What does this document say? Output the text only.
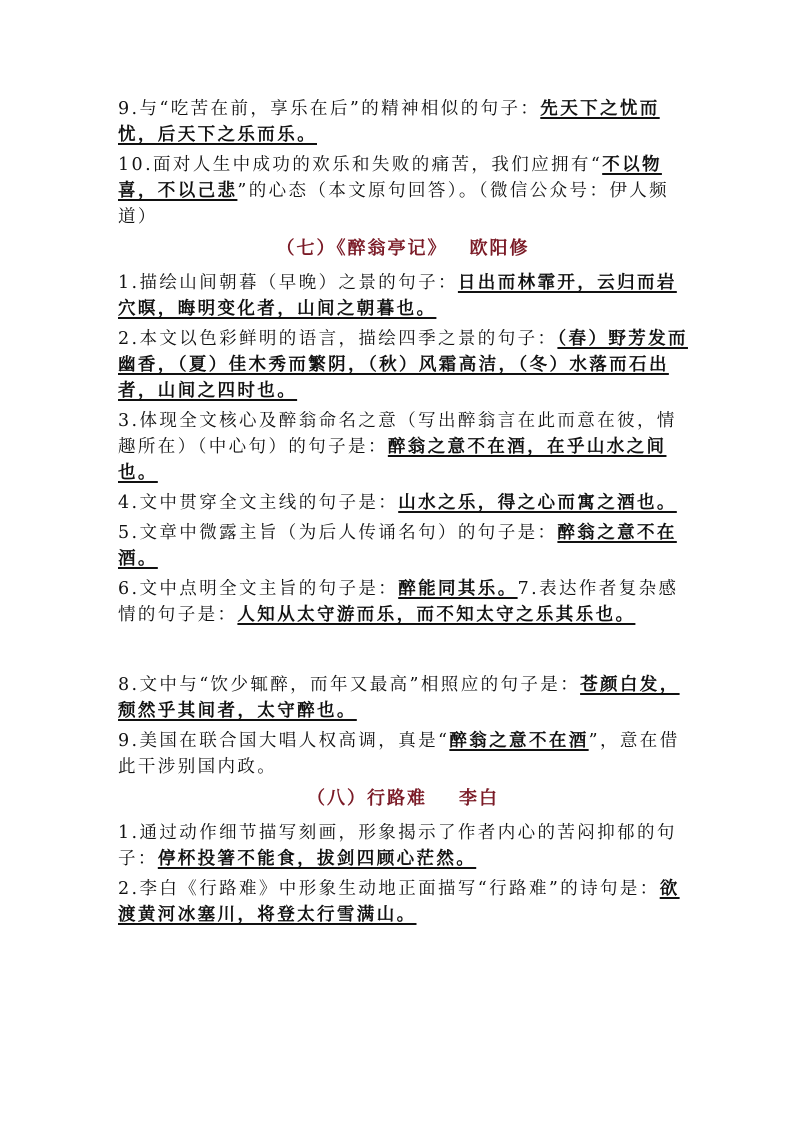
9.与“吃苦在前，享乐在后”的精神相似的句子：先天下之忧而忧，后天下之乐而乐。

10.面对人生中成功的欢乐和失败的痛苦，我们应拥有“不以物喜，不以己悲”的心态（本文原句回答）。（微信公众号：伊人频道）

（七）《醉翁亭记》 欧阳修

1.描绘山间朝暮（早晚）之景的句子：日出而林霏开，云归而岩穴暝，晦明变化者，山间之朝暮也。

2.本文以色彩鲜明的语言，描绘四季之景的句子：（春）野芳发而幽香，（夏）佳木秀而繁阴，（秋）风霜高洁，（冬）水落而石出者，山间之四时也。

3.体现全文核心及醉翁命名之意（写出醉翁言在此而意在彼，情趣所在）（中心句）的句子是：醉翁之意不在酒，在乎山水之间也。

4.文中贯穿全文主线的句子是：山水之乐，得之心而寓之酒也。

5.文章中微露主旨（为后人传诵名句）的句子是：醉翁之意不在酒。

6.文中点明全文主旨的句子是：醉能同其乐。7.表达作者复杂感情的句子是：人知从太守游而乐，而不知太守之乐其乐也。

8.文中与“饮少辄醉，而年又最高”相照应的句子是：苍颜白发，颓然乎其间者，太守醉也。

9.美国在联合国大唱人权高调，真是“醉翁之意不在酒”，意在借此干涉别国内政。

（八）行路难 李白

1.通过动作细节描写刻画，形象揭示了作者内心的苦闷抑郁的句子：停杯投箸不能食，拔剑四顾心茫然。

2.李白《行路难》中形象生动地正面描写“行路难”的诗句是：欲渡黄河冰塞川，将登太行雪满山。
